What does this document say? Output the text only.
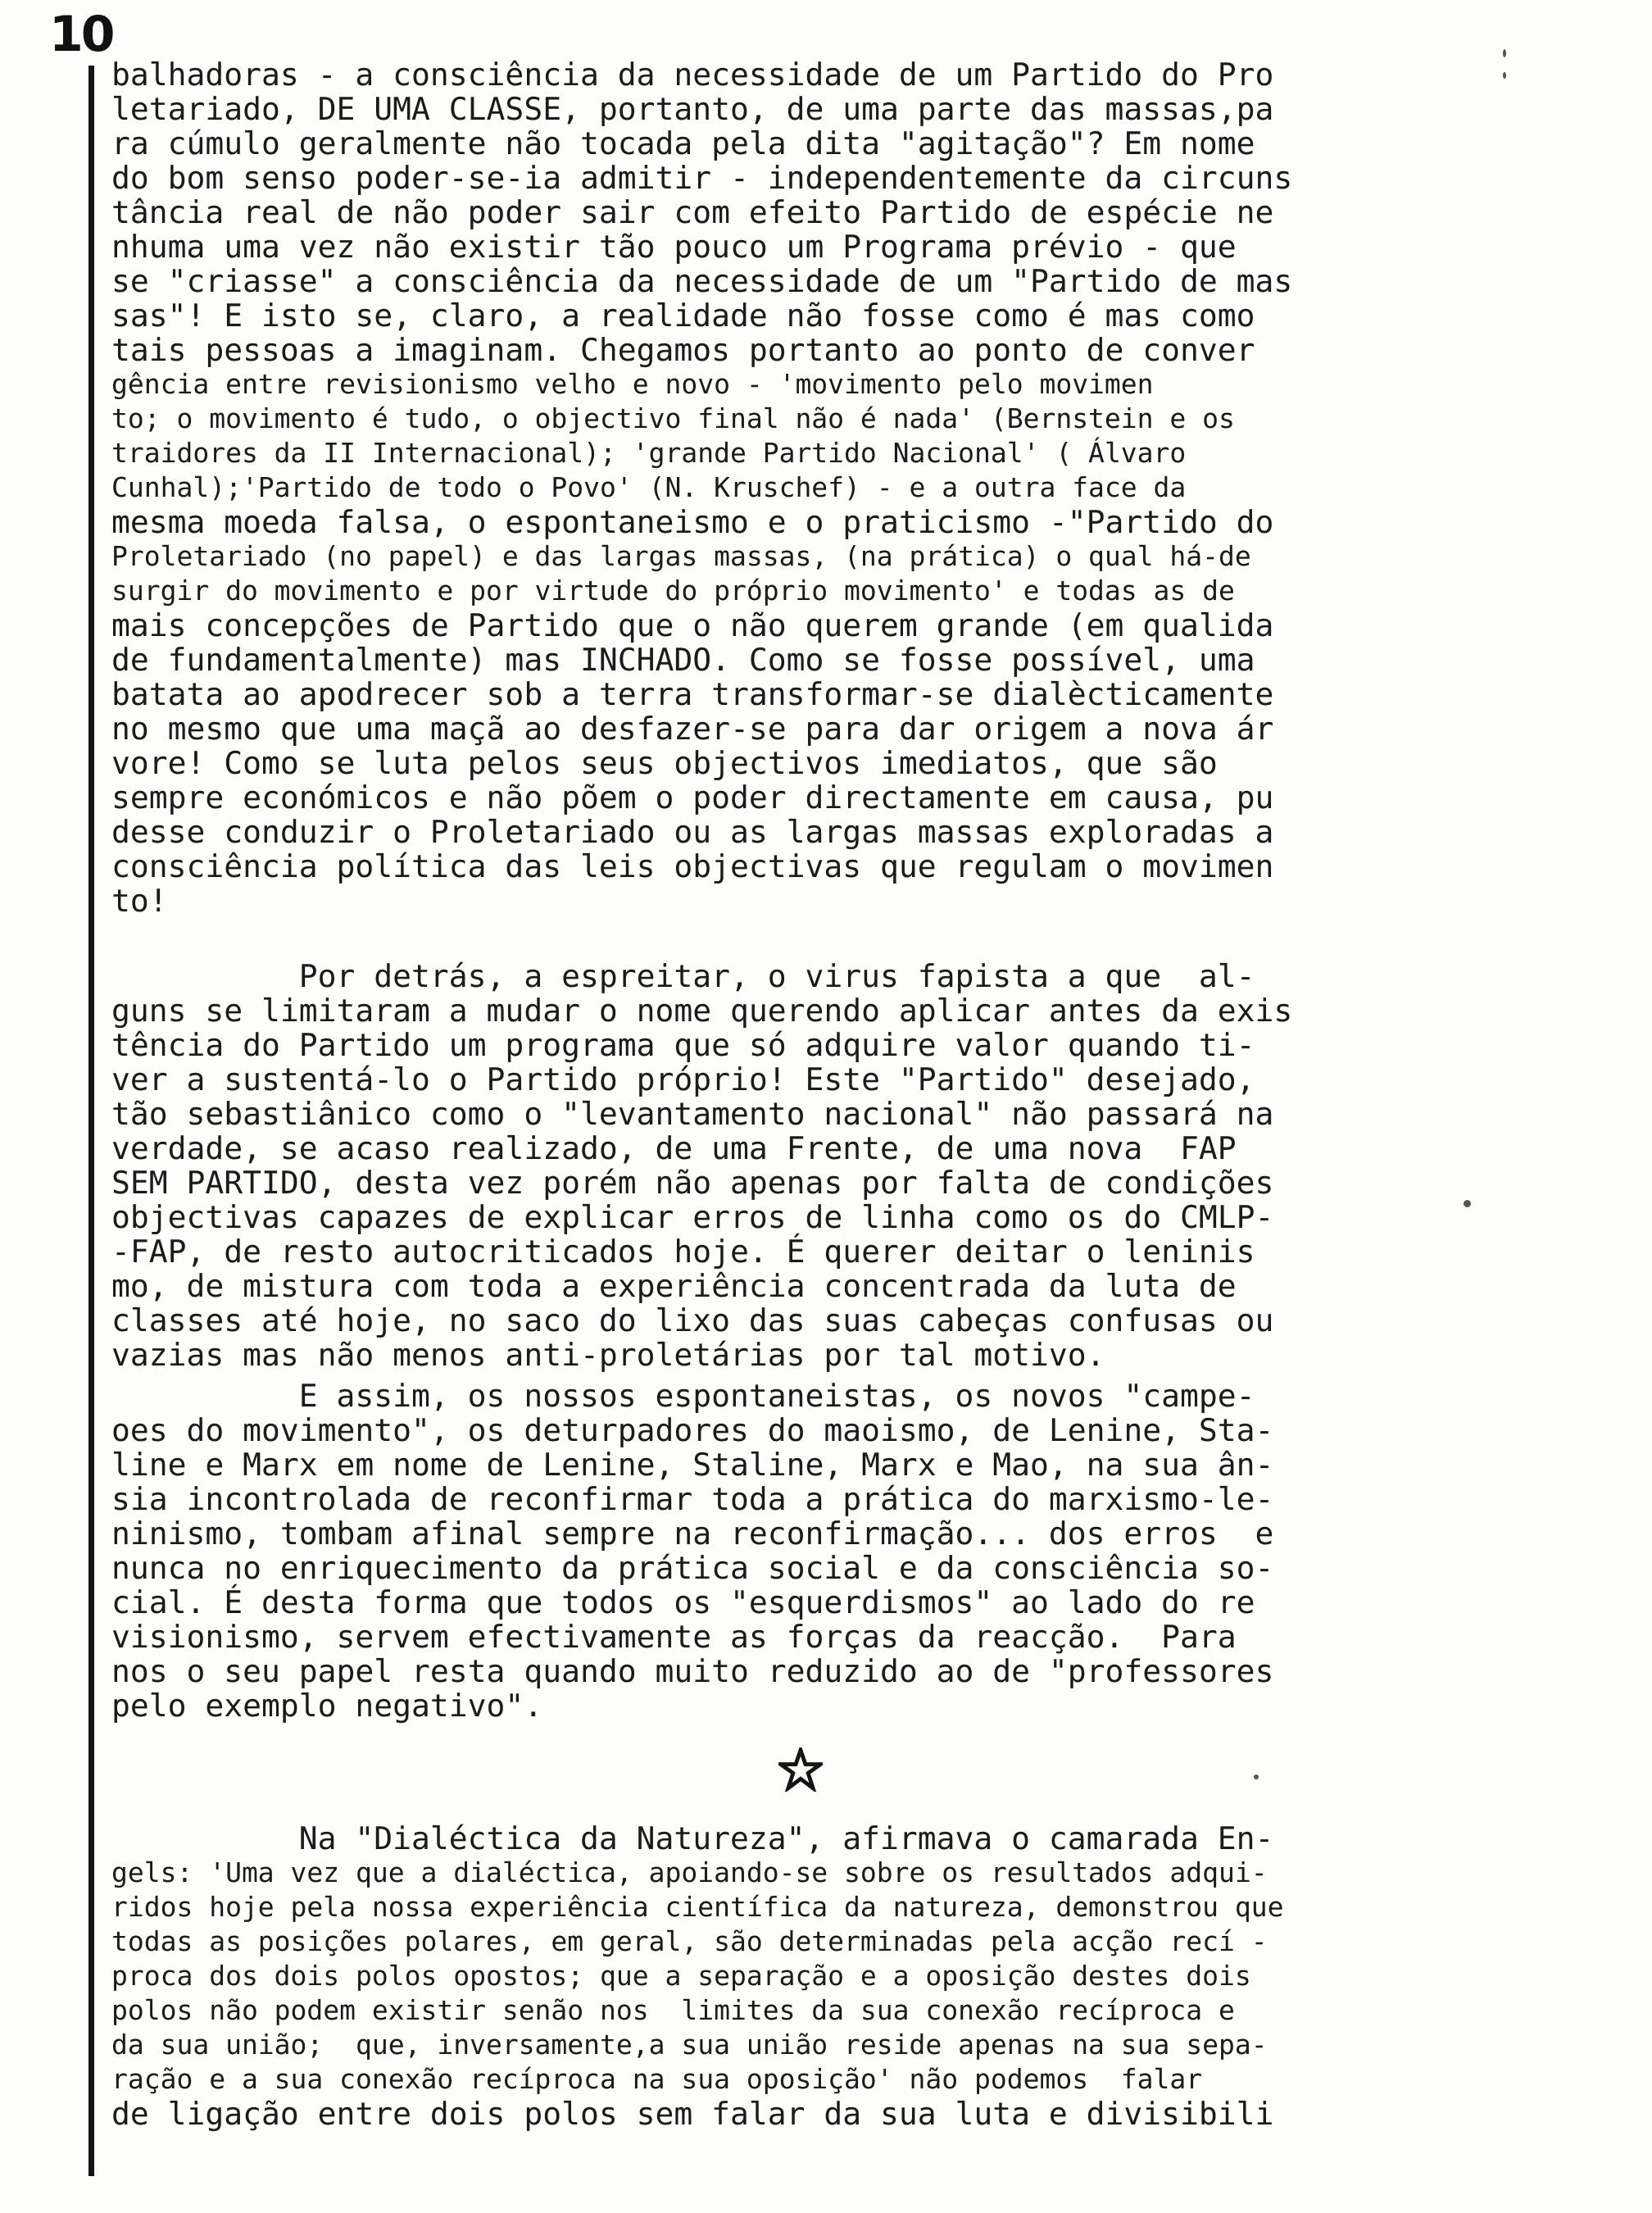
10
balhadoras - a consciência da necessidade de um Partido do Pro
letariado, DE UMA CLASSE, portanto, de uma parte das massas,pa
ra cúmulo geralmente não tocada pela dita "agitação"? Em nome
do bom senso poder-se-ia admitir - independentemente da circuns
tância real de não poder sair com efeito Partido de espécie ne
nhuma uma vez não existir tão pouco um Programa prévio - que
se "criasse" a consciência da necessidade de um "Partido de mas
sas"! E isto se, claro, a realidade não fosse como é mas como
tais pessoas a imaginam. Chegamos portanto ao ponto de conver
gência entre revisionismo velho e novo - 'movimento pelo movimen
to; o movimento é tudo, o objectivo final não é nada' (Bernstein e os
traidores da II Internacional); 'grande Partido Nacional' ( Álvaro
Cunhal);'Partido de todo o Povo' (N. Kruschef) - e a outra face da
mesma moeda falsa, o espontaneismo e o praticismo -"Partido do
Proletariado (no papel) e das largas massas, (na prática) o qual há-de
surgir do movimento e por virtude do próprio movimento' e todas as de
mais concepções de Partido que o não querem grande (em qualida
de fundamentalmente) mas INCHADO. Como se fosse possível, uma
batata ao apodrecer sob a terra transformar-se dialècticamente
no mesmo que uma maçã ao desfazer-se para dar origem a nova ár
vore! Como se luta pelos seus objectivos imediatos, que são
sempre económicos e não põem o poder directamente em causa, pu
desse conduzir o Proletariado ou as largas massas exploradas a
consciência política das leis objectivas que regulam o movimen
to!
Por detrás, a espreitar, o virus fapista a que  al-
guns se limitaram a mudar o nome querendo aplicar antes da exis
tência do Partido um programa que só adquire valor quando ti-
ver a sustentá-lo o Partido próprio! Este "Partido" desejado,
tão sebastiânico como o "levantamento nacional" não passará na
verdade, se acaso realizado, de uma Frente, de uma nova  FAP
SEM PARTIDO, desta vez porém não apenas por falta de condições
objectivas capazes de explicar erros de linha como os do CMLP-
-FAP, de resto autocriticados hoje. É querer deitar o leninis
mo, de mistura com toda a experiência concentrada da luta de
classes até hoje, no saco do lixo das suas cabeças confusas ou
vazias mas não menos anti-proletárias por tal motivo.
E assim, os nossos espontaneistas, os novos "campe-
oes do movimento", os deturpadores do maoismo, de Lenine, Sta-
line e Marx em nome de Lenine, Staline, Marx e Mao, na sua ân-
sia incontrolada de reconfirmar toda a prática do marxismo-le-
ninismo, tombam afinal sempre na reconfirmação... dos erros  e
nunca no enriquecimento da prática social e da consciência so-
cial. É desta forma que todos os "esquerdismos" ao lado do re
visionismo, servem efectivamente as forças da reacção.  Para
nos o seu papel resta quando muito reduzido ao de "professores
pelo exemplo negativo".
Na "Dialéctica da Natureza", afirmava o camarada En-
gels: 'Uma vez que a dialéctica, apoiando-se sobre os resultados adqui-
ridos hoje pela nossa experiência científica da natureza, demonstrou que
todas as posições polares, em geral, são determinadas pela acção recí -
proca dos dois polos opostos; que a separação e a oposição destes dois
polos não podem existir senão nos  limites da sua conexão recíproca e
da sua união;  que, inversamente,a sua união reside apenas na sua sepa-
ração e a sua conexão recíproca na sua oposição' não podemos  falar
de ligação entre dois polos sem falar da sua luta e divisibili
